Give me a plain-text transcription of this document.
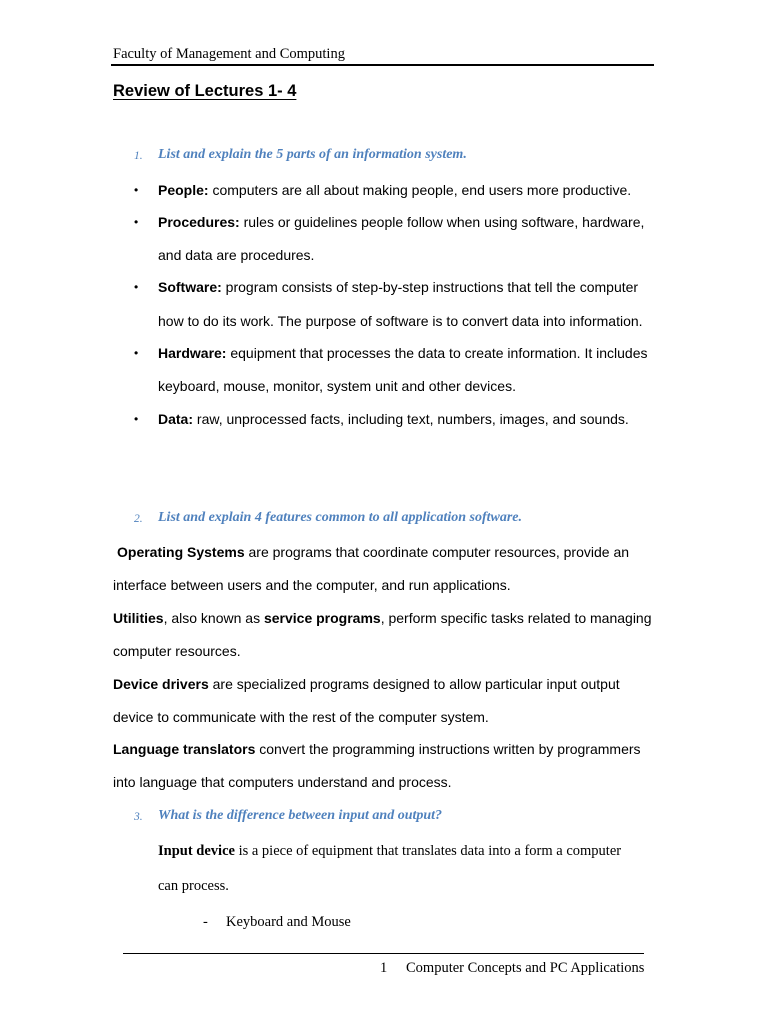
Faculty of Management and Computing
Review of Lectures 1- 4
1. List and explain the 5 parts of an information system.
• People: computers are all about making people, end users more productive.
• Procedures: rules or guidelines people follow when using software, hardware,
and data are procedures.
• Software: program consists of step-by-step instructions that tell the computer
how to do its work. The purpose of software is to convert data into information.
• Hardware: equipment that processes the data to create information. It includes
keyboard, mouse, monitor, system unit and other devices.
• Data: raw, unprocessed facts, including text, numbers, images, and sounds.
2. List and explain 4 features common to all application software.
Operating Systems are programs that coordinate computer resources, provide an
interface between users and the computer, and run applications.
Utilities, also known as service programs, perform specific tasks related to managing
computer resources.
Device drivers are specialized programs designed to allow particular input output
device to communicate with the rest of the computer system.
Language translators convert the programming instructions written by programmers
into language that computers understand and process.
3. What is the difference between input and output?
Input device is a piece of equipment that translates data into a form a computer
can process.
- Keyboard and Mouse
1 Computer Concepts and PC Applications
